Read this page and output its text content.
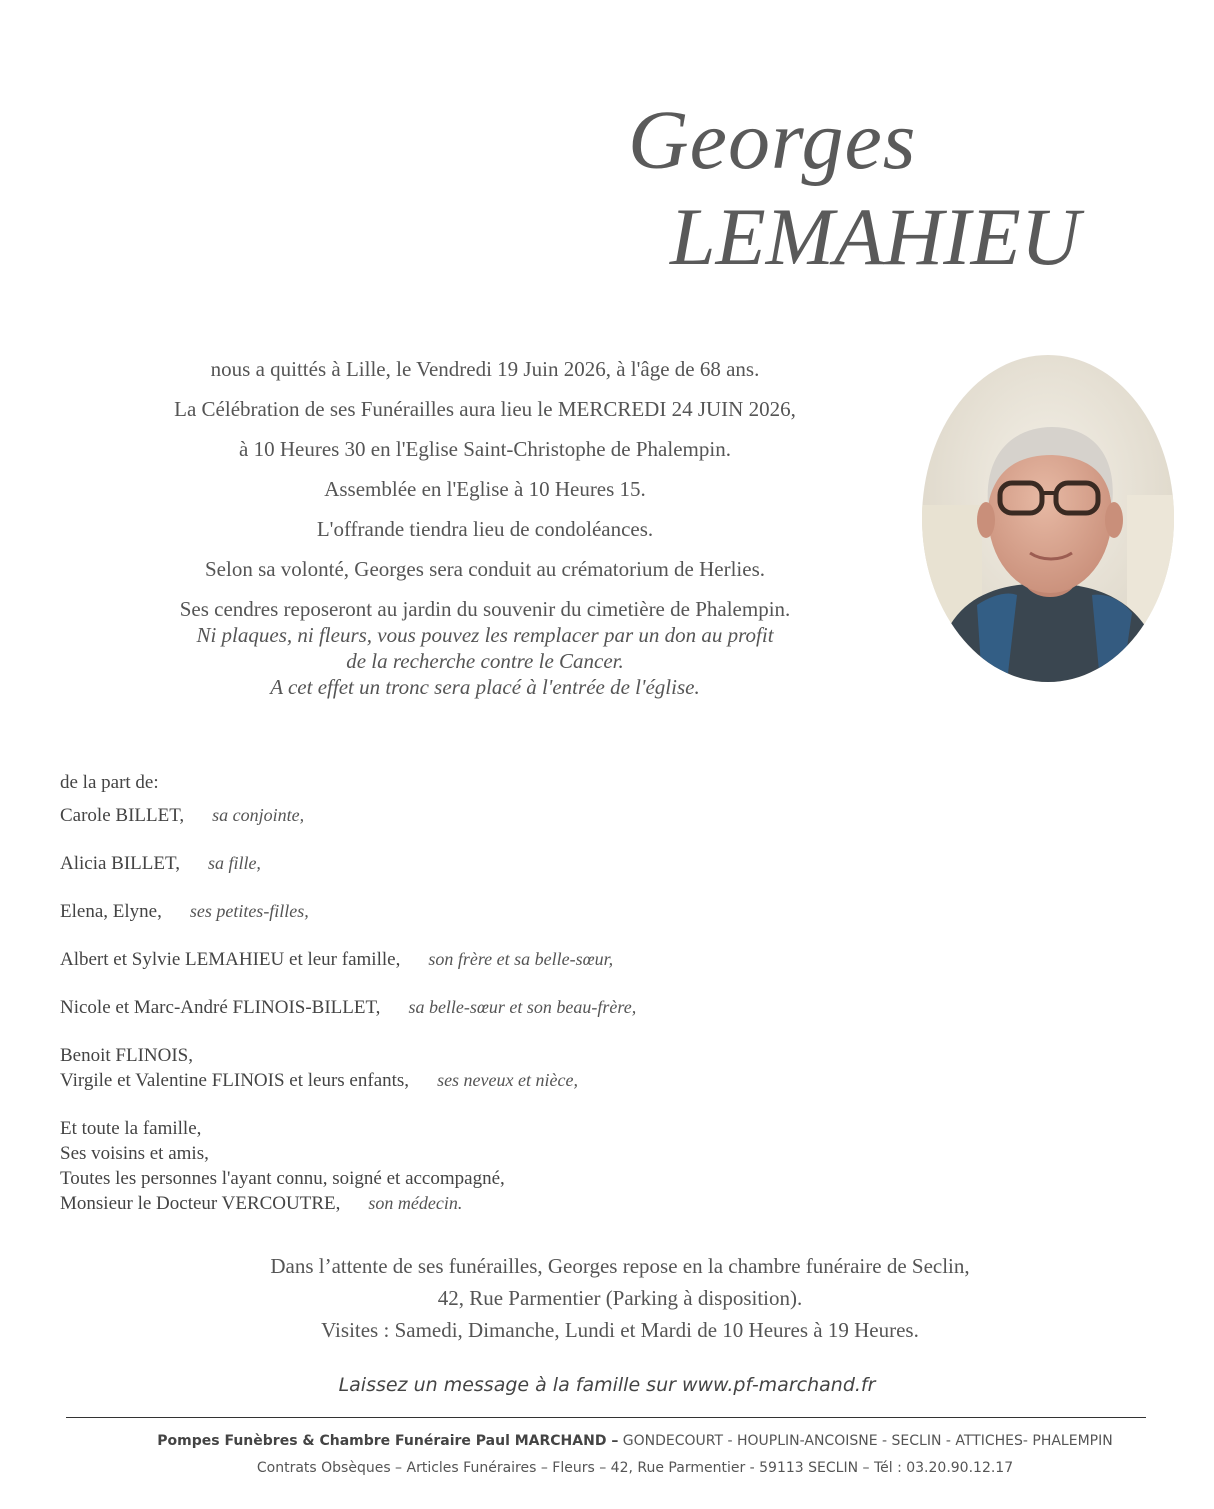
Georges
LEMAHIEU
nous a quittés à Lille, le Vendredi 19 Juin 2026, à l'âge de 68 ans.
La Célébration de ses Funérailles aura lieu le MERCREDI 24 JUIN 2026,
à 10 Heures 30 en l'Eglise Saint-Christophe de Phalempin.
Assemblée en l'Eglise à 10 Heures 15.
L'offrande tiendra lieu de condoléances.
Selon sa volonté, Georges sera conduit au crématorium de Herlies.
Ses cendres reposeront au jardin du souvenir du cimetière de Phalempin.
Ni plaques, ni fleurs, vous pouvez les remplacer par un don au profit
de la recherche contre le Cancer.
A cet effet un tronc sera placé à l'entrée de l'église.
de la part de:
Carole BILLET, sa conjointe,
Alicia BILLET, sa fille,
Elena, Elyne, ses petites-filles,
Albert et Sylvie LEMAHIEU et leur famille, son frère et sa belle-sœur,
Nicole et Marc-André FLINOIS-BILLET, sa belle-sœur et son beau-frère,
Benoit FLINOIS,
Virgile et Valentine FLINOIS et leurs enfants, ses neveux et nièce,
Et toute la famille,
Ses voisins et amis,
Toutes les personnes l'ayant connu, soigné et accompagné,
Monsieur le Docteur VERCOUTRE, son médecin.
Dans l’attente de ses funérailles, Georges repose en la chambre funéraire de Seclin,
42, Rue Parmentier (Parking à disposition).
Visites : Samedi, Dimanche, Lundi et Mardi de 10 Heures à 19 Heures.
Laissez un message à la famille sur www.pf-marchand.fr
Pompes Funèbres & Chambre Funéraire Paul MARCHAND – GONDECOURT - HOUPLIN-ANCOISNE - SECLIN - ATTICHES- PHALEMPIN
Contrats Obsèques – Articles Funéraires – Fleurs – 42, Rue Parmentier - 59113 SECLIN – Tél : 03.20.90.12.17
